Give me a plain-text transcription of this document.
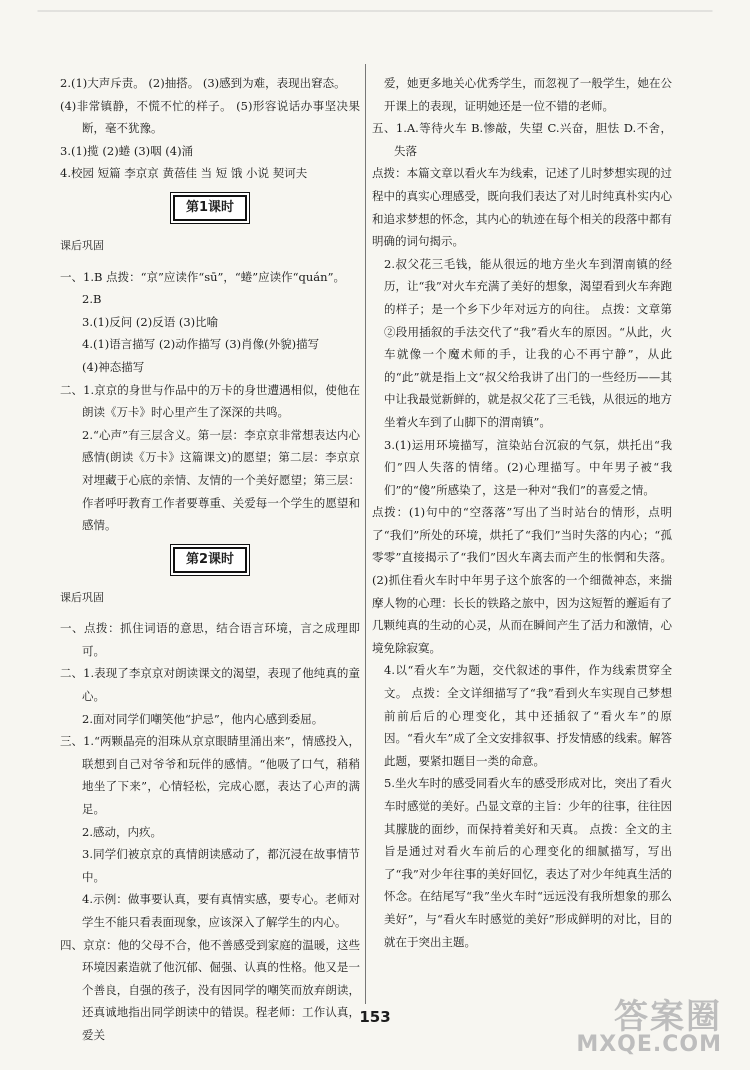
2.(1)大声斥责。 (2)抽搭。 (3)感到为难，表现出窘态。

(4)非常镇静，不慌不忙的样子。 (5)形容说话办事坚决果断，毫不犹豫。

3.(1)揽 (2)蜷 (3)咽 (4)涌

4.校园 短篇 李京京 黄蓓佳 当 短 饿 小说 契诃夫

第1课时

课后巩固

一、1.B 点拨：“京”应读作“sū”，“蜷”应读作“quán”。

2.B

3.(1)反问 (2)反语 (3)比喻

4.(1)语言描写 (2)动作描写 (3)肖像(外貌)描写

(4)神态描写

二、1.京京的身世与作品中的万卡的身世遭遇相似，使他在朗读《万卡》时心里产生了深深的共鸣。

2.“心声”有三层含义。第一层：李京京非常想表达内心感情(朗读《万卡》这篇课文)的愿望；第二层：李京京对埋藏于心底的亲情、友情的一个美好愿望；第三层：作者呼吁教育工作者要尊重、关爱每一个学生的愿望和感情。

第2课时

课后巩固

一、点拨：抓住词语的意思，结合语言环境，言之成理即可。

二、1.表现了李京京对朗读课文的渴望，表现了他纯真的童心。

2.面对同学们嘲笑他“护忌”，他内心感到委屈。

三、1.“两颗晶亮的泪珠从京京眼睛里涌出来”，情感投入，联想到自己对爷爷和玩伴的感情。“他吸了口气，稍稍地坐了下来”，心情轻松，完成心愿，表达了心声的满足。

2.感动，内疚。

3.同学们被京京的真情朗读感动了，都沉浸在故事情节中。

4.示例：做事要认真，要有真情实感，要专心。老师对学生不能只看表面现象，应该深入了解学生的内心。

四、京京：他的父母不合，他不善感受到家庭的温暖，这些环境因素造就了他沉郁、倔强、认真的性格。他又是一个善良，自强的孩子，没有因同学的嘲笑而放弃朗读，还真诚地指出同学朗读中的错误。程老师：工作认真，爱关

爱，她更多地关心优秀学生，而忽视了一般学生，她在公开课上的表现，证明她还是一位不错的老师。

五、1.A.等待火车 B.惨敲，失望 C.兴奋，胆怯 D.不舍，失落

点拨：本篇文章以看火车为线索，记述了儿时梦想实现的过程中的真实心理感受，既向我们表达了对儿时纯真朴实内心和追求梦想的怀念，其内心的轨迹在每个相关的段落中都有明确的词句揭示。

2.叔父花三毛钱，能从很远的地方坐火车到渭南镇的经历，让“我”对火车充满了美好的想象，渴望看到火车奔跑的样子；是一个乡下少年对远方的向往。 点拨：文章第②段用插叙的手法交代了“我”看火车的原因。“从此，火车就像一个魔术师的手，让我的心不再宁静”，从此的“此”就是指上文“叔父给我讲了出门的一些经历——其中让我最觉新鲜的，就是叔父花了三毛钱，从很远的地方坐着火车到了山脚下的渭南镇”。

3.(1)运用环境描写，渲染站台沉寂的气氛，烘托出“我们”四人失落的情绪。(2)心理描写。中年男子被“我们”的“傻”所感染了，这是一种对“我们”的喜爱之情。

点拨：(1)句中的“空落落”写出了当时站台的情形，点明了“我们”所处的环境，烘托了“我们”当时失落的内心；“孤零零”直接揭示了“我们”因火车离去而产生的怅惘和失落。(2)抓住看火车时中年男子这个旅客的一个细微神态，来揣摩人物的心理：长长的铁路之旅中，因为这短暂的邂逅有了几颗纯真的生动的心灵，从而在瞬间产生了活力和激情，心境免除寂寞。

4.以“看火车”为题，交代叙述的事件，作为线索贯穿全文。 点拨：全文详细描写了“我”看到火车实现自己梦想前前后后的心理变化，其中还插叙了“看火车”的原因。“看火车”成了全文安排叙事、抒发情感的线索。解答此题，要紧扣题目一类的命意。

5.坐火车时的感受同看火车的感受形成对比，突出了看火车时感觉的美好。凸显文章的主旨：少年的往事，往往因其朦胧的面纱，而保持着美好和天真。 点拨：全文的主旨是通过对看火车前后的心理变化的细腻描写，写出了“我”对少年往事的美好回忆，表达了对少年纯真生活的怀念。在结尾写“我”坐火车时“远远没有我所想象的那么美好”，与“看火车时感觉的美好”形成鲜明的对比，目的就在于突出主题。

153	答案圈
MXQE.COM
